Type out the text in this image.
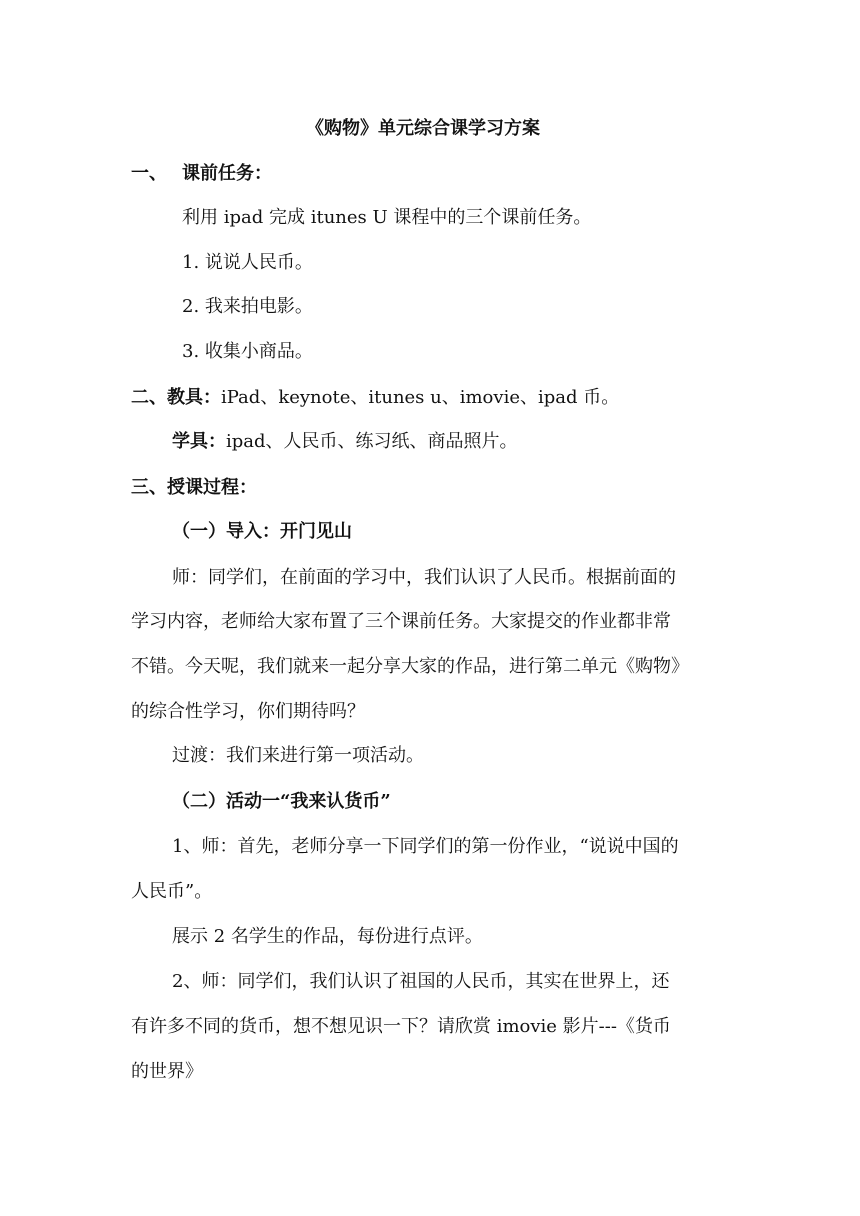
《购物》单元综合课学习方案
一、 课前任务：
利用 ipad 完成 itunes U 课程中的三个课前任务。
1. 说说人民币。
2. 我来拍电影。
3. 收集小商品。
二、教具：iPad、keynote、itunes u、imovie、ipad 币。
学具：ipad、人民币、练习纸、商品照片。
三、授课过程：
（一）导入：开门见山
师：同学们，在前面的学习中，我们认识了人民币。根据前面的
学习内容，老师给大家布置了三个课前任务。大家提交的作业都非常
不错。今天呢，我们就来一起分享大家的作品，进行第二单元《购物》
的综合性学习，你们期待吗？
过渡：我们来进行第一项活动。
（二）活动一“我来认货币”
1、师：首先，老师分享一下同学们的第一份作业，“说说中国的
人民币”。
展示 2 名学生的作品，每份进行点评。
2、师：同学们，我们认识了祖国的人民币，其实在世界上，还
有许多不同的货币，想不想见识一下？请欣赏 imovie 影片---《货币
的世界》
